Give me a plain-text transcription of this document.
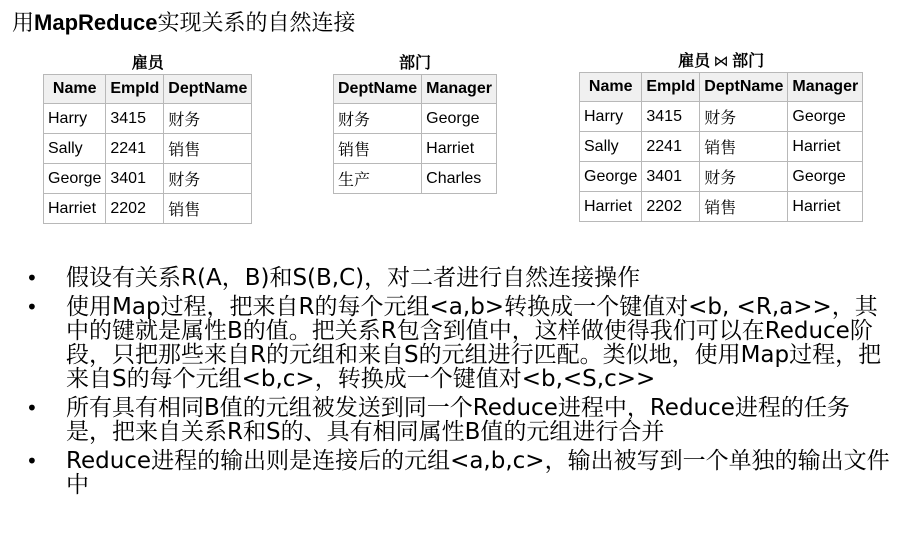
用MapReduce实现关系的自然连接
雇员
Name	EmpId	DeptName
Harry	3415	财务
Sally	2241	销售
George	3401	财务
Harriet	2202	销售
部门
DeptName	Manager
财务	George
销售	Harriet
生产	Charles
雇员 ⋈ 部门
Name	EmpId	DeptName	Manager
Harry	3415	财务	George
Sally	2241	销售	Harriet
George	3401	财务	George
Harriet	2202	销售	Harriet
• 假设有关系R(A，B)和S(B,C)，对二者进行自然连接操作
• 使用Map过程，把来自R的每个元组<a,b>转换成一个键值对<b, <R,a>>，其中的键就是属性B的值。把关系R包含到值中，这样做使得我们可以在Reduce阶段，只把那些来自R的元组和来自S的元组进行匹配。类似地，使用Map过程，把来自S的每个元组<b,c>，转换成一个键值对<b,<S,c>>
• 所有具有相同B值的元组被发送到同一个Reduce进程中，Reduce进程的任务是，把来自关系R和S的、具有相同属性B值的元组进行合并
• Reduce进程的输出则是连接后的元组<a,b,c>，输出被写到一个单独的输出文件中
